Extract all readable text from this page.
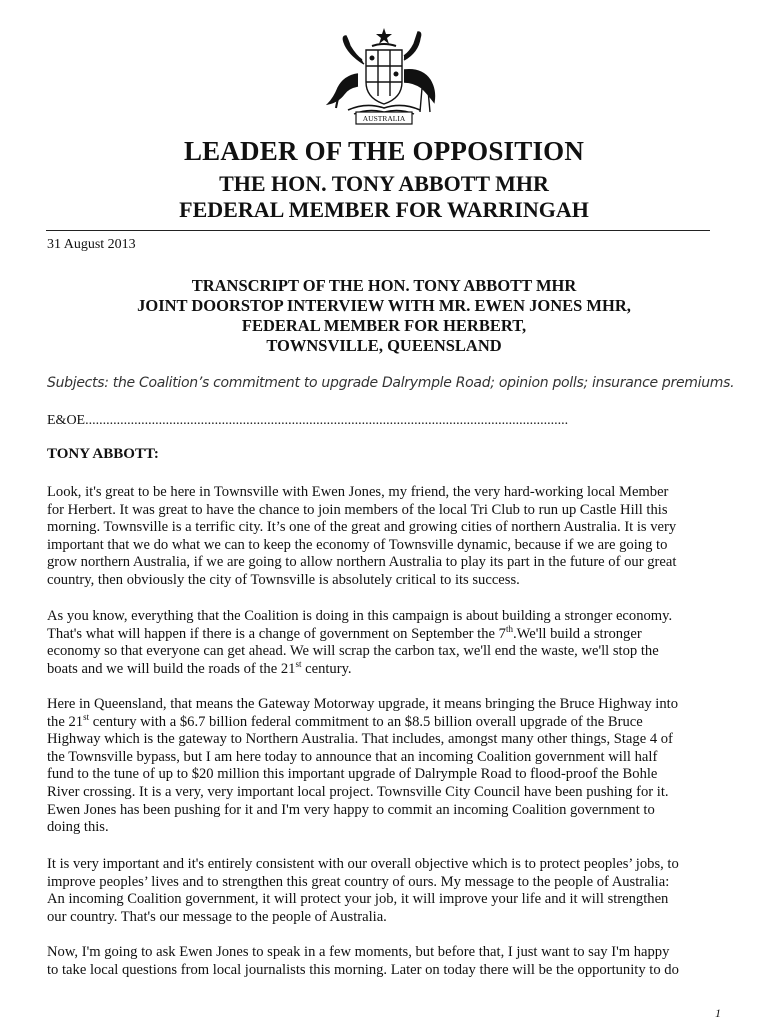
AUSTRALIA
LEADER OF THE OPPOSITION
THE HON. TONY ABBOTT MHR
FEDERAL MEMBER FOR WARRINGAH
31 August 2013
TRANSCRIPT OF THE HON. TONY ABBOTT MHR
JOINT DOORSTOP INTERVIEW WITH MR. EWEN JONES MHR,
FEDERAL MEMBER FOR HERBERT,
TOWNSVILLE, QUEENSLAND
Subjects: the Coalition’s commitment to upgrade Dalrymple Road; opinion polls; insurance premiums.
E&OE..........................................................................................................................................
TONY ABBOTT:
Look, it's great to be here in Townsville with Ewen Jones, my friend, the very hard-working local Member
for Herbert. It was great to have the chance to join members of the local Tri Club to run up Castle Hill this
morning. Townsville is a terrific city. It’s one of the great and growing cities of northern Australia. It is very
important that we do what we can to keep the economy of Townsville dynamic, because if we are going to
grow northern Australia, if we are going to allow northern Australia to play its part in the future of our great
country, then obviously the city of Townsville is absolutely critical to its success.
As you know, everything that the Coalition is doing in this campaign is about building a stronger economy.
That's what will happen if there is a change of government on September the 7th.We'll build a stronger
economy so that everyone can get ahead. We will scrap the carbon tax, we'll end the waste, we'll stop the
boats and we will build the roads of the 21st century.
Here in Queensland, that means the Gateway Motorway upgrade, it means bringing the Bruce Highway into
the 21st century with a $6.7 billion federal commitment to an $8.5 billion overall upgrade of the Bruce
Highway which is the gateway to Northern Australia. That includes, amongst many other things, Stage 4 of
the Townsville bypass, but I am here today to announce that an incoming Coalition government will half
fund to the tune of up to $20 million this important upgrade of Dalrymple Road to flood-proof the Bohle
River crossing. It is a very, very important local project. Townsville City Council have been pushing for it.
Ewen Jones has been pushing for it and I'm very happy to commit an incoming Coalition government to
doing this.
It is very important and it's entirely consistent with our overall objective which is to protect peoples’ jobs, to
improve peoples’ lives and to strengthen this great country of ours. My message to the people of Australia:
An incoming Coalition government, it will protect your job, it will improve your life and it will strengthen
our country. That's our message to the people of Australia.
Now, I'm going to ask Ewen Jones to speak in a few moments, but before that, I just want to say I'm happy
to take local questions from local journalists this morning. Later on today there will be the opportunity to do
1
